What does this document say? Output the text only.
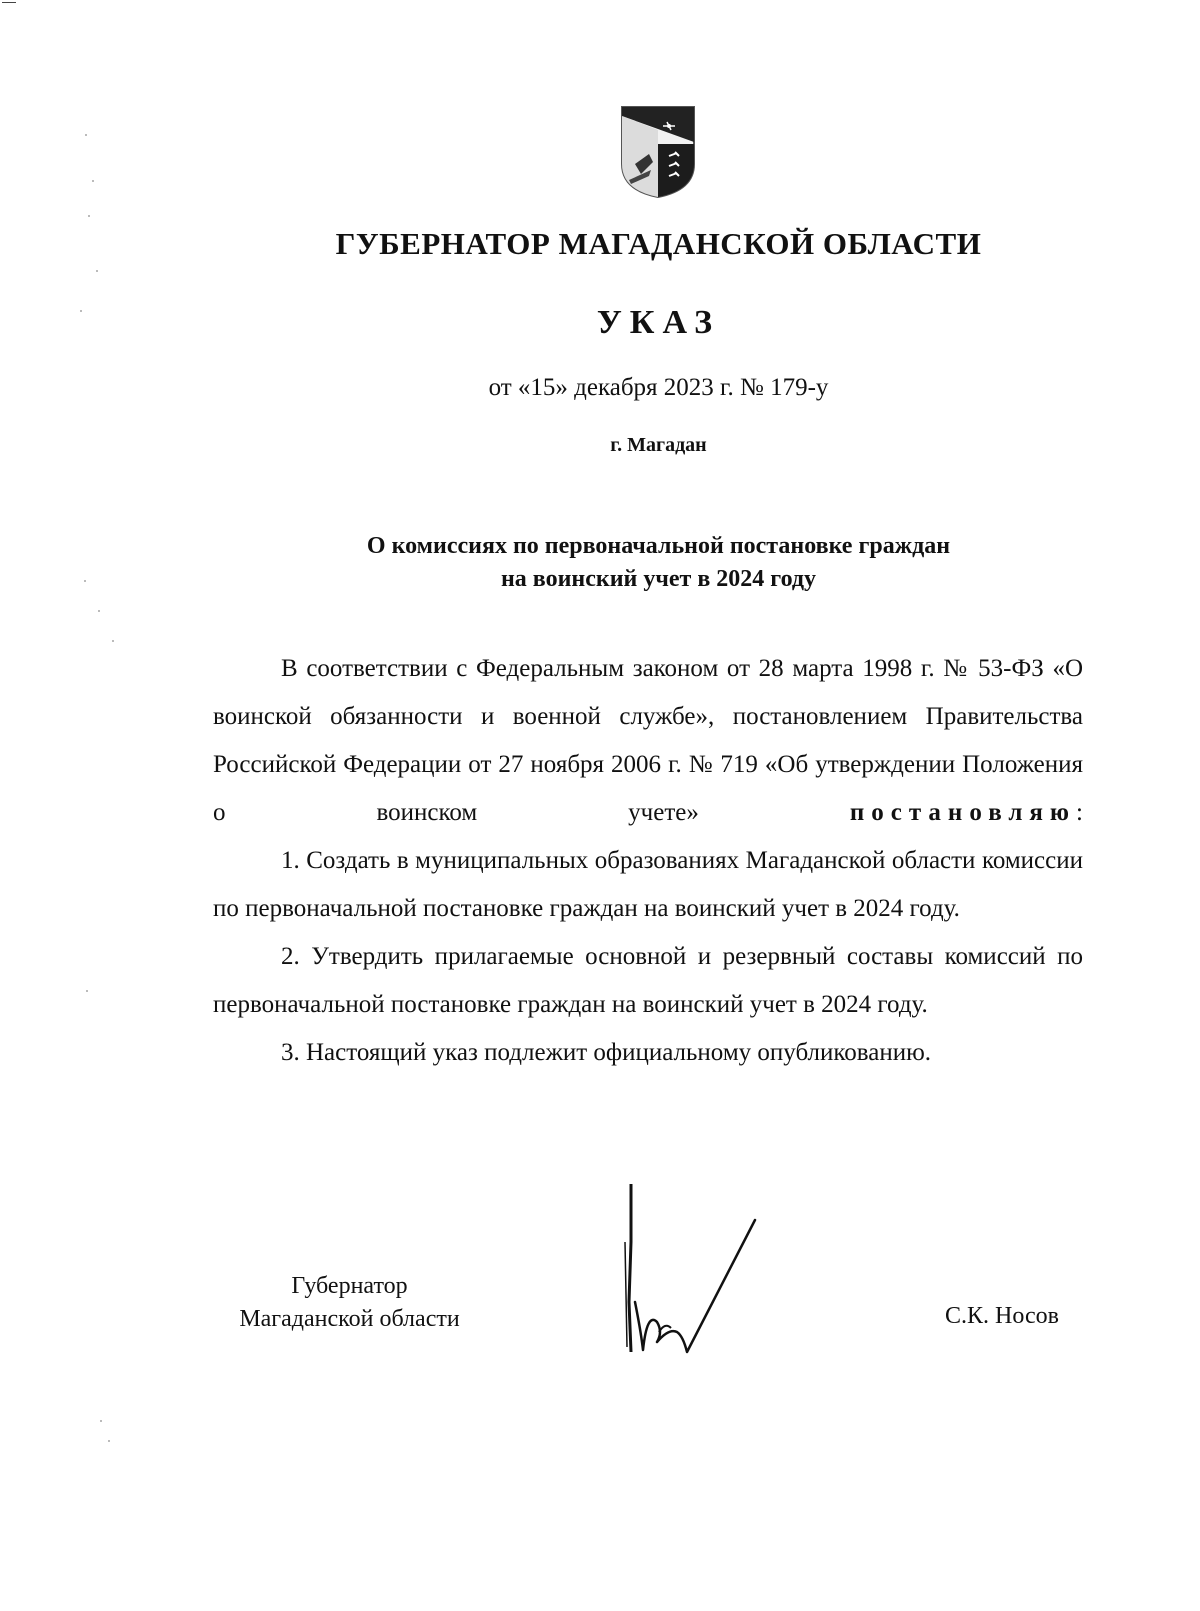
ГУБЕРНАТОР МАГАДАНСКОЙ ОБЛАСТИ
УКАЗ
от «15» декабря 2023 г. № 179-у
г. Магадан
О комиссиях по первоначальной постановке граждан
на воинский учет в 2024 году

В соответствии с Федеральным законом от 28 марта 1998 г. № 53-ФЗ «О воинской обязанности и военной службе», постановлением Правительства Российской Федерации от 27 ноября 2006 г. № 719 «Об утверждении Положения о воинском учете»	постановляю:

1. Создать в муниципальных образованиях Магаданской области комиссии по первоначальной постановке граждан на воинский учет в 2024 году.

2. Утвердить прилагаемые основной и резервный составы комиссий по первоначальной постановке граждан на воинский учет в 2024 году.

3. Настоящий указ подлежит официальному опубликованию.

Губернатор
Магаданской области	С.К. Носов
